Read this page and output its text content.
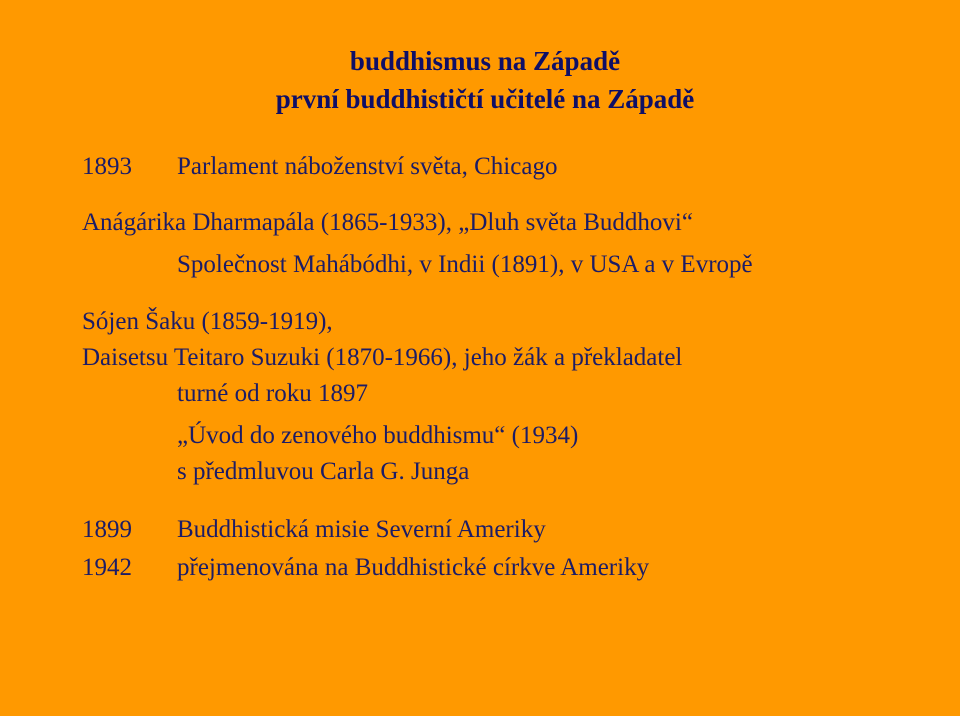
buddhismus na Západě
první buddhističtí učitelé na Západě
1893 Parlament náboženství světa, Chicago
Anágárika Dharmapála (1865-1933), „Dluh světa Buddhovi“
Společnost Mahábódhi, v Indii (1891), v USA a v Evropě
Sójen Šaku (1859-1919),
Daisetsu Teitaro Suzuki (1870-1966), jeho žák a překladatel
turné od roku 1897
„Úvod do zenového buddhismu“ (1934)
s předmluvou Carla G. Junga
1899 Buddhistická misie Severní Ameriky
1942 přejmenována na Buddhistické církve Ameriky
